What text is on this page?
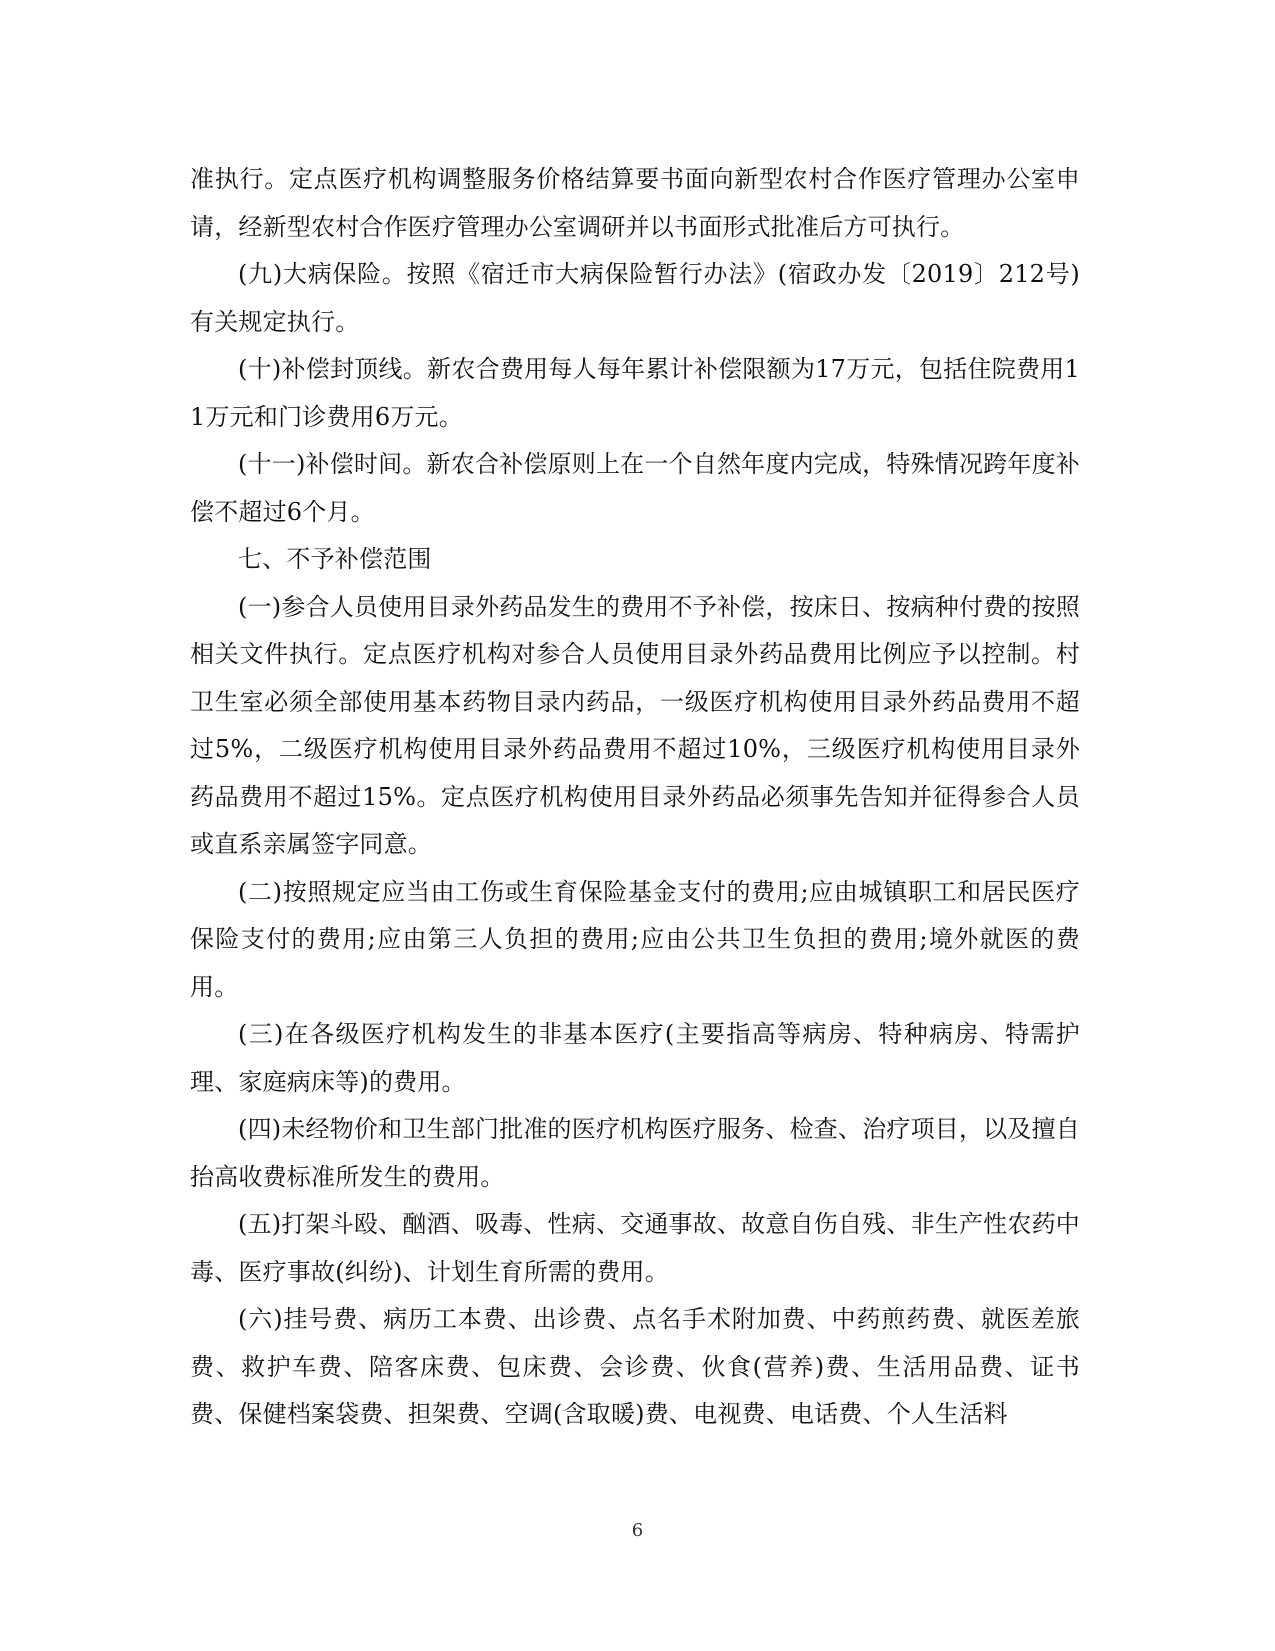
准执行。定点医疗机构调整服务价格结算要书面向新型农村合作医疗管理办公室申请，经新型农村合作医疗管理办公室调研并以书面形式批准后方可执行。

(九)大病保险。按照《宿迁市大病保险暂行办法》(宿政办发〔2019〕212号)有关规定执行。

(十)补偿封顶线。新农合费用每人每年累计补偿限额为17万元，包括住院费用11万元和门诊费用6万元。

(十一)补偿时间。新农合补偿原则上在一个自然年度内完成，特殊情况跨年度补偿不超过6个月。

七、不予补偿范围

(一)参合人员使用目录外药品发生的费用不予补偿，按床日、按病种付费的按照相关文件执行。定点医疗机构对参合人员使用目录外药品费用比例应予以控制。村卫生室必须全部使用基本药物目录内药品，一级医疗机构使用目录外药品费用不超过5%，二级医疗机构使用目录外药品费用不超过10%，三级医疗机构使用目录外药品费用不超过15%。定点医疗机构使用目录外药品必须事先告知并征得参合人员或直系亲属签字同意。

(二)按照规定应当由工伤或生育保险基金支付的费用;应由城镇职工和居民医疗保险支付的费用;应由第三人负担的费用;应由公共卫生负担的费用;境外就医的费用。

(三)在各级医疗机构发生的非基本医疗(主要指高等病房、特种病房、特需护理、家庭病床等)的费用。

(四)未经物价和卫生部门批准的医疗机构医疗服务、检查、治疗项目，以及擅自抬高收费标准所发生的费用。

(五)打架斗殴、酗酒、吸毒、性病、交通事故、故意自伤自残、非生产性农药中毒、医疗事故(纠纷)、计划生育所需的费用。

(六)挂号费、病历工本费、出诊费、点名手术附加费、中药煎药费、就医差旅费、救护车费、陪客床费、包床费、会诊费、伙食(营养)费、生活用品费、证书费、保健档案袋费、担架费、空调(含取暖)费、电视费、电话费、个人生活料

6
